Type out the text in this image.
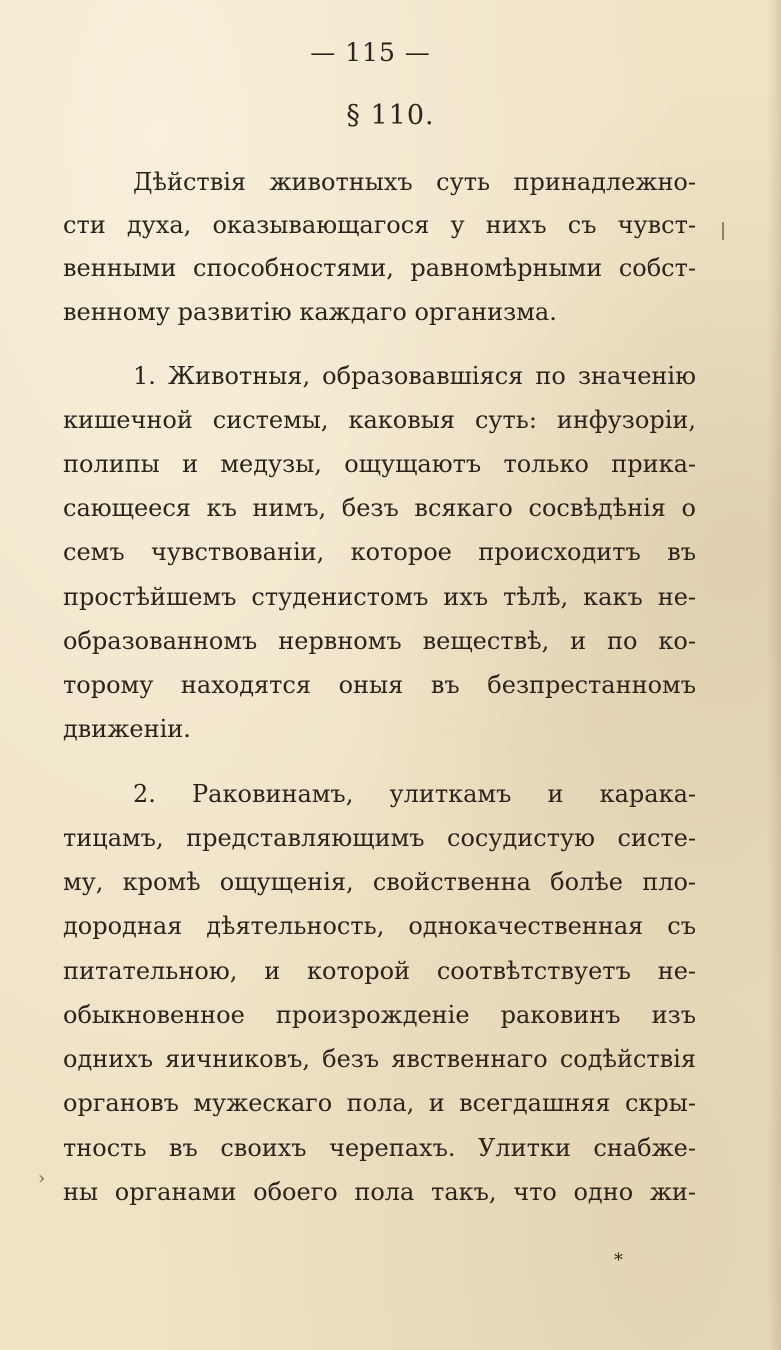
— 115 —
§ 110.
Дѣйствія животныхъ суть принадлежно-
сти духа, оказывающагося у нихъ съ чувст-
венными способностями, равномѣрными собст-
венному развитію каждаго организма.
1. Животныя, образовавшіяся по значенію
кишечной системы, каковыя суть: инфузоріи,
полипы и медузы, ощущаютъ только прика-
сающееся къ нимъ, безъ всякаго сосвѣдѣнія о
семъ чувствованіи, которое происходитъ въ
простѣйшемъ студенистомъ ихъ тѣлѣ, какъ не-
образованномъ нервномъ веществѣ, и по ко-
торому находятся оныя въ безпрестанномъ
движеніи.
2. Раковинамъ, улиткамъ и карака-
тицамъ, представляющимъ сосудистую систе-
му, кромѣ ощущенія, свойственна болѣе пло-
дородная дѣятельность, однокачественная съ
питательною, и которой соотвѣтствуетъ не-
обыкновенное произрожденіе раковинъ изъ
однихъ яичниковъ, безъ явственнаго содѣйствія
органовъ мужескаго пола, и всегдашняя скры-
тность въ своихъ черепахъ. Улитки снабже-
ны органами обоего пола такъ, что одно жи-
*
|
›
